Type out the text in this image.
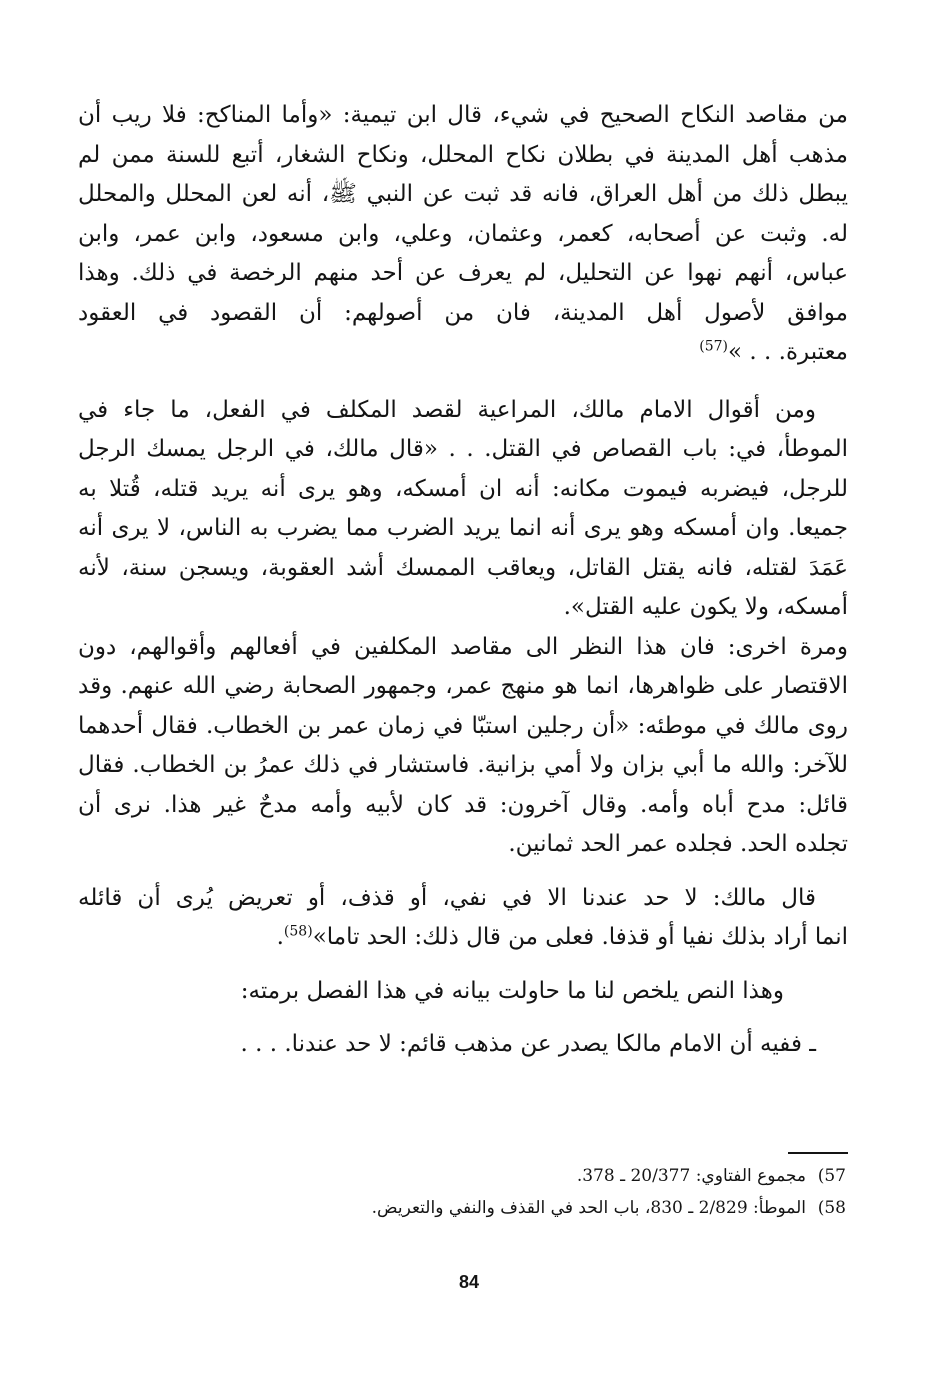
من مقاصد النكاح الصحيح في شيء، قال ابن تيمية: «وأما المناكح: فلا ريب أن
مذهب أهل المدينة في بطلان نكاح المحلل، ونكاح الشغار، أتبع للسنة ممن لم
يبطل ذلك من أهل العراق، فانه قد ثبت عن النبي ﷺ، أنه لعن المحلل والمحلل
له. وثبت عن أصحابه، كعمر، وعثمان، وعلي، وابن مسعود، وابن عمر، وابن
عباس، أنهم نهوا عن التحليل، لم يعرف عن أحد منهم الرخصة في ذلك. وهذا
موافق لأصول أهل المدينة، فان من أصولهم: أن القصود في العقود
معتبرة. . . »$^{(57)}$

ومن أقوال الامام مالك، المراعية لقصد المكلف في الفعل، ما جاء في
الموطأ، في: باب القصاص في القتل. . . «قال مالك، في الرجل يمسك الرجل
للرجل، فيضربه فيموت مكانه: أنه ان أمسكه، وهو يرى أنه يريد قتله، قُتلا به
جميعا. وان أمسكه وهو يرى أنه انما يريد الضرب مما يضرب به الناس، لا يرى أنه
عَمَدَ لقتله، فانه يقتل القاتل، ويعاقب الممسك أشد العقوبة، ويسجن سنة، لأنه
أمسكه، ولا يكون عليه القتل».

ومرة اخرى: فان هذا النظر الى مقاصد المكلفين في أفعالهم وأقوالهم، دون
الاقتصار على ظواهرها، انما هو منهج عمر، وجمهور الصحابة رضي الله عنهم. وقد
روى مالك في موطئه: «أن رجلين استبّا في زمان عمر بن الخطاب. فقال أحدهما
للآخر: والله ما أبي بزان ولا أمي بزانية. فاستشار في ذلك عمرُ بن الخطاب. فقال
قائل: مدح أباه وأمه. وقال آخرون: قد كان لأبيه وأمه مدحٌ غير هذا. نرى أن
تجلده الحد. فجلده عمر الحد ثمانين.

قال مالك: لا حد عندنا الا في نفي، أو قذف، أو تعريض يُرى أن قائله
انما أراد بذلك نفيا أو قذفا. فعلى من قال ذلك: الحد تاما»$^{(58)}$.

وهذا النص يلخص لنا ما حاولت بيانه في هذا الفصل برمته:

ـ ففيه أن الامام مالكا يصدر عن مذهب قائم: لا حد عندنا. . . .

57)مجموع الفتاوي: 20/377 ـ 378.
58)الموطأ: 2/829 ـ 830، باب الحد في القذف والنفي والتعريض.
84
